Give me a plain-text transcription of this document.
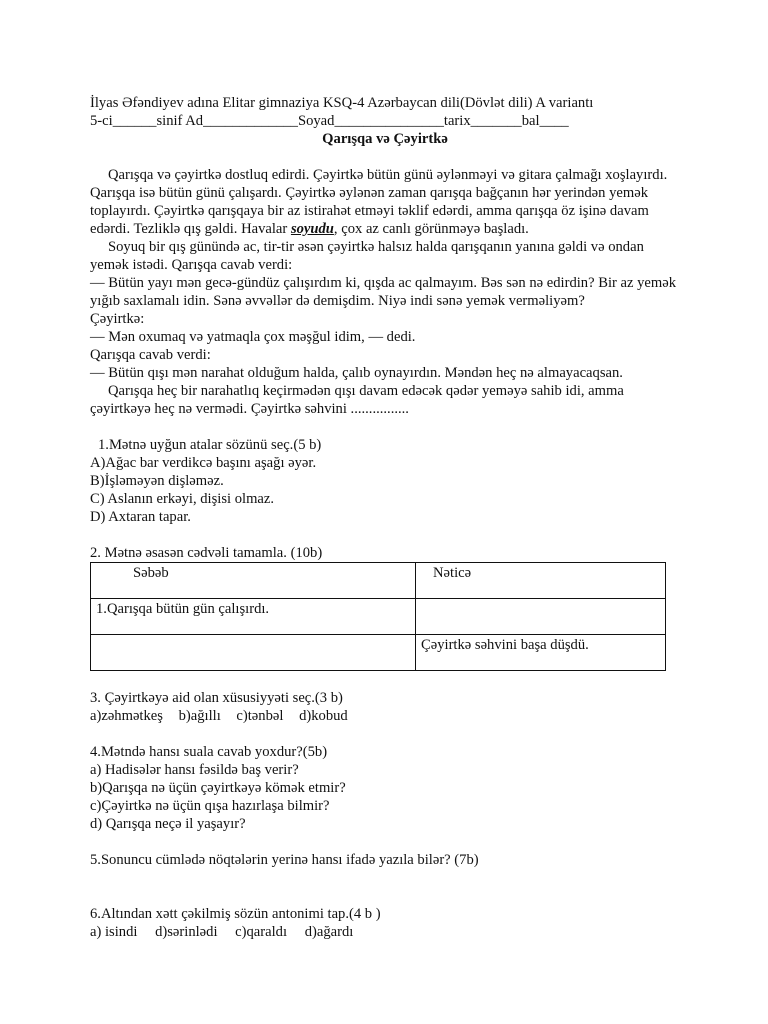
İlyas Əfəndiyev adına Elitar gimnaziya KSQ-4 Azərbaycan dili(Dövlət dili) A variantı
5-ci______sinif Ad_____________Soyad_______________tarix_______bal____
Qarışqa və Çəyirtkə
Qarışqa və çəyirtkə dostluq edirdi. Çəyirtkə bütün günü əylənməyi və gitara çalmağı xoşlayırdı. Qarışqa isə bütün günü çalışardı. Çəyirtkə əylənən zaman qarışqa bağçanın hər yerindən yemək toplayırdı. Çəyirtkə qarışqaya bir az istirahət etməyi təklif edərdi, amma qarışqa öz işinə davam edərdi. Tezliklə qış gəldi. Havalar soyudu, çox az canlı görünməyə başladı.
Soyuq bir qış günündə ac, tir-tir əsən çəyirtkə halsız halda qarışqanın yanına gəldi və ondan yemək istədi. Qarışqa cavab verdi:
— Bütün yayı mən gecə-gündüz çalışırdım ki, qışda ac qalmayım. Bəs sən nə edirdin? Bir az yemək yığıb saxlamalı idin. Sənə əvvəllər də demişdim. Niyə indi sənə yemək verməliyəm?
Çəyirtkə:
— Mən oxumaq və yatmaqla çox məşğul idim, — dedi.
Qarışqa cavab verdi:
— Bütün qışı mən narahat olduğum halda, çalıb oynayırdın. Məndən heç nə almayacaqsan.
Qarışqa heç bir narahatlıq keçirmədən qışı davam edəcək qədər yeməyə sahib idi, amma çəyirtkəyə heç nə vermədi. Çəyirtkə səhvini ................
1.Mətnə uyğun atalar sözünü seç.(5 b)
A)Ağac bar verdikcə başını aşağı əyər.
B)İşləməyən dişləməz.
C) Aslanın erkəyi, dişisi olmaz.
D) Axtaran tapar.
2. Mətnə əsasən cədvəli tamamla. (10b)
Səbəb	Nəticə
1.Qarışqa bütün gün çalışırdı.	
	Çəyirtkə səhvini başa düşdü.
3. Çəyirtkəyə aid olan xüsusiyyəti seç.(3 b)
a)zəhmətkeş b)ağıllı c)tənbəl d)kobud
4.Mətndə hansı suala cavab yoxdur?(5b)
a) Hadisələr hansı fəsildə baş verir?
b)Qarışqa nə üçün çəyirtkəyə kömək etmir?
c)Çəyirtkə nə üçün qışa hazırlaşa bilmir?
d) Qarışqa neçə il yaşayır?
5.Sonuncu cümlədə nöqtələrin yerinə hansı ifadə yazıla bilər? (7b)
6.Altından xətt çəkilmiş sözün antonimi tap.(4 b )
a) isindi d)sərinlədi c)qaraldı d)ağardı
